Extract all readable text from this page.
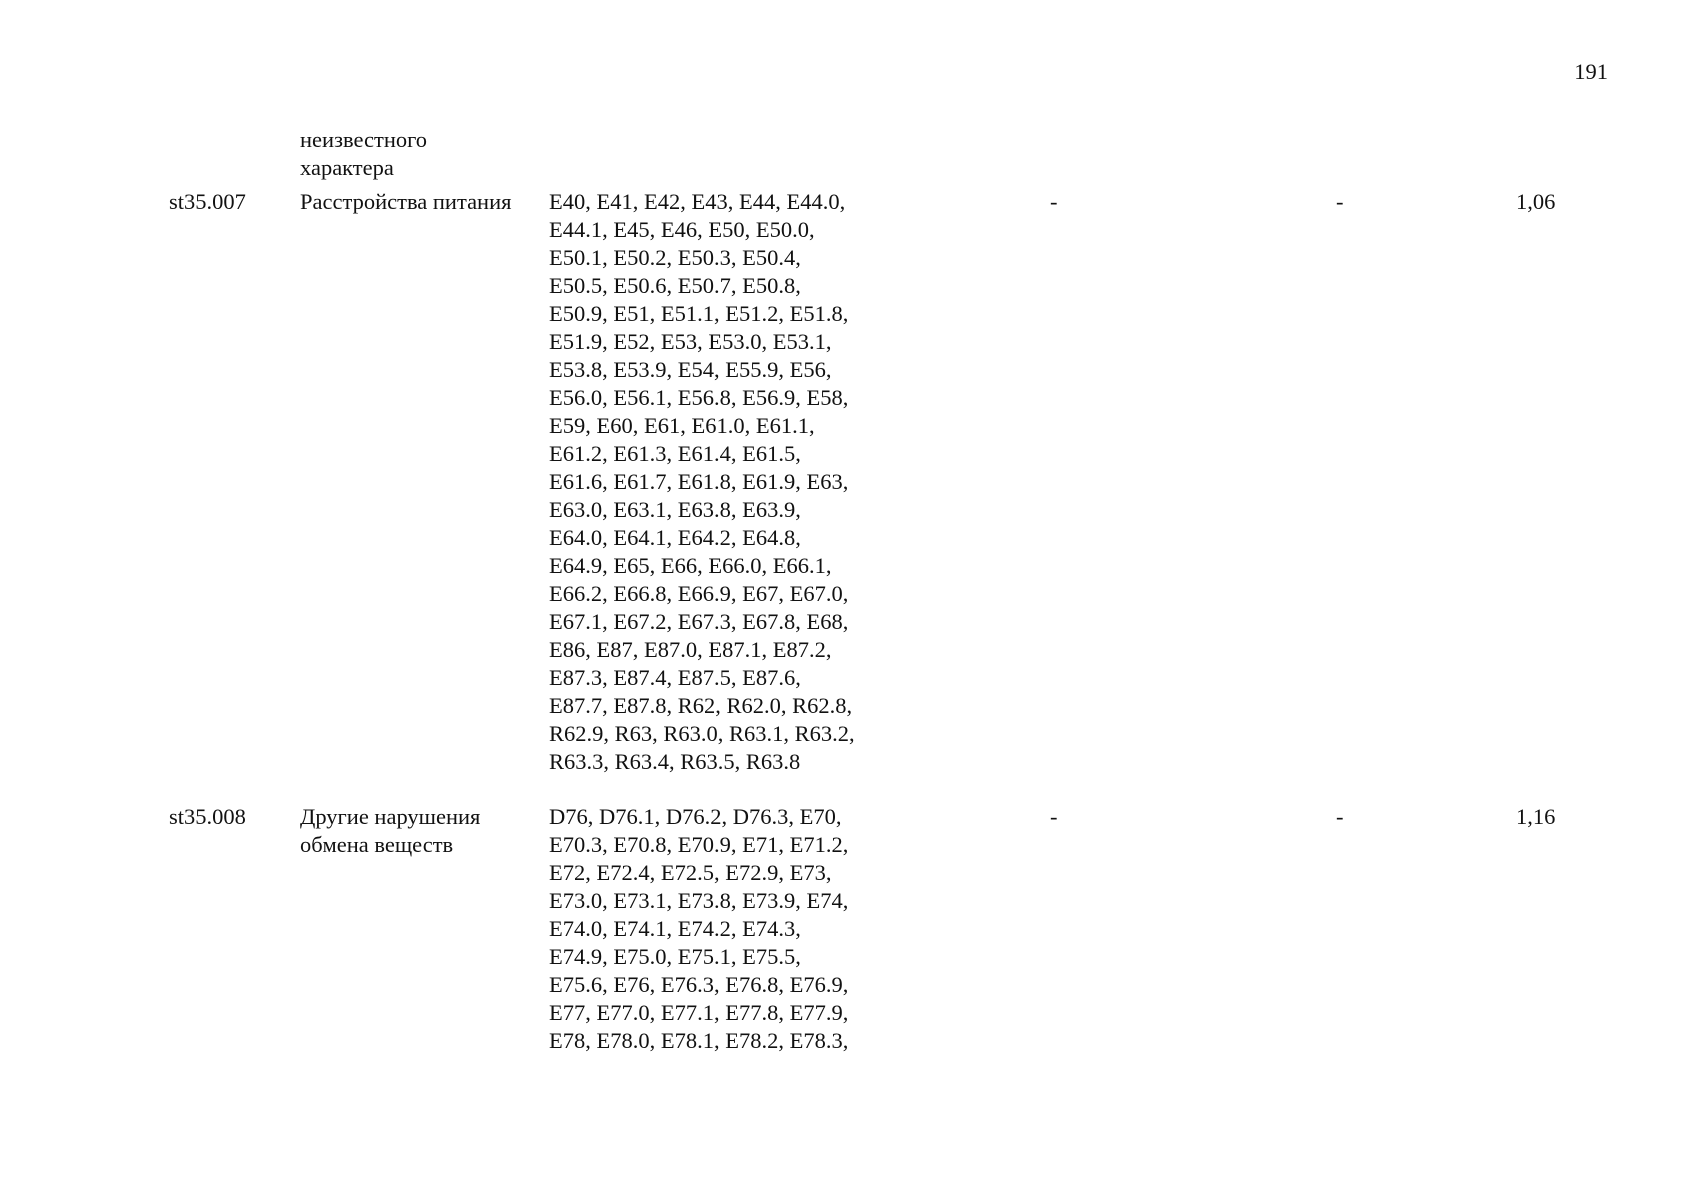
191
неизвестного
характера
st35.007 Расстройства питания	E40, E41, E42, E43, E44, E44.0,
E44.1, E45, E46, E50, E50.0,
E50.1, E50.2, E50.3, E50.4,
E50.5, E50.6, E50.7, E50.8,
E50.9, E51, E51.1, E51.2, E51.8,
E51.9, E52, E53, E53.0, E53.1,
E53.8, E53.9, E54, E55.9, E56,
E56.0, E56.1, E56.8, E56.9, E58,
E59, E60, E61, E61.0, E61.1,
E61.2, E61.3, E61.4, E61.5,
E61.6, E61.7, E61.8, E61.9, E63,
E63.0, E63.1, E63.8, E63.9,
E64.0, E64.1, E64.2, E64.8,
E64.9, E65, E66, E66.0, E66.1,
E66.2, E66.8, E66.9, E67, E67.0,
E67.1, E67.2, E67.3, E67.8, E68,
E86, E87, E87.0, E87.1, E87.2,
E87.3, E87.4, E87.5, E87.6,
E87.7, E87.8, R62, R62.0, R62.8,
R62.9, R63, R63.0, R63.1, R63.2,
R63.3, R63.4, R63.5, R63.8
-	-	1,06
st35.008 Другие нарушения
обмена веществ
D76, D76.1, D76.2, D76.3, E70,
E70.3, E70.8, E70.9, E71, E71.2,
E72, E72.4, E72.5, E72.9, E73,
E73.0, E73.1, E73.8, E73.9, E74,
E74.0, E74.1, E74.2, E74.3,
E74.9, E75.0, E75.1, E75.5,
E75.6, E76, E76.3, E76.8, E76.9,
E77, E77.0, E77.1, E77.8, E77.9,
E78, E78.0, E78.1, E78.2, E78.3,
-	-	1,16
